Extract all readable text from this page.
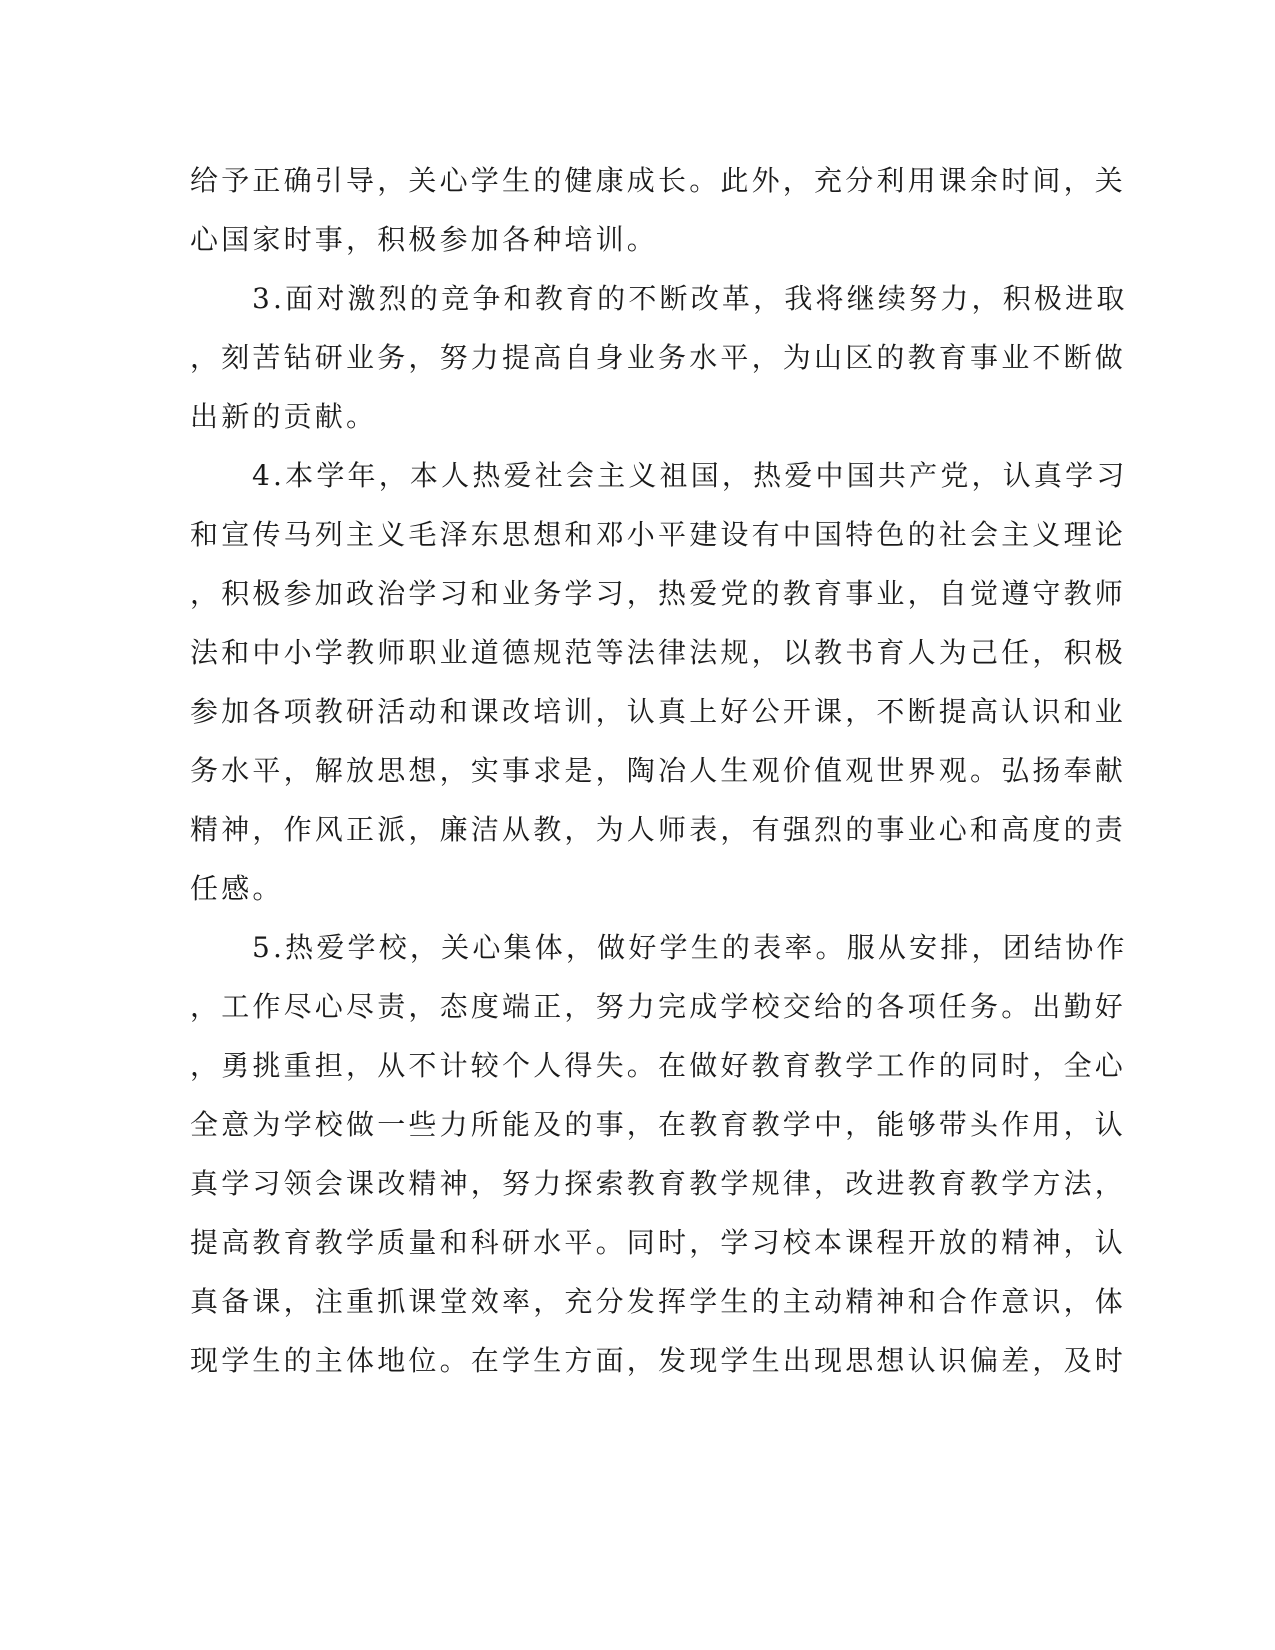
给予正确引导，关心学生的健康成长。此外，充分利用课余时间，关
心国家时事，积极参加各种培训。
3.面对激烈的竞争和教育的不断改革，我将继续努力，积极进取
，刻苦钻研业务，努力提高自身业务水平，为山区的教育事业不断做
出新的贡献。
4.本学年，本人热爱社会主义祖国，热爱中国共产党，认真学习
和宣传马列主义毛泽东思想和邓小平建设有中国特色的社会主义理论
，积极参加政治学习和业务学习，热爱党的教育事业，自觉遵守教师
法和中小学教师职业道德规范等法律法规，以教书育人为己任，积极
参加各项教研活动和课改培训，认真上好公开课，不断提高认识和业
务水平，解放思想，实事求是，陶冶人生观价值观世界观。弘扬奉献
精神，作风正派，廉洁从教，为人师表，有强烈的事业心和高度的责
任感。
5.热爱学校，关心集体，做好学生的表率。服从安排，团结协作
，工作尽心尽责，态度端正，努力完成学校交给的各项任务。出勤好
，勇挑重担，从不计较个人得失。在做好教育教学工作的同时，全心
全意为学校做一些力所能及的事，在教育教学中，能够带头作用，认
真学习领会课改精神，努力探索教育教学规律，改进教育教学方法，
提高教育教学质量和科研水平。同时，学习校本课程开放的精神，认
真备课，注重抓课堂效率，充分发挥学生的主动精神和合作意识，体
现学生的主体地位。在学生方面，发现学生出现思想认识偏差，及时
